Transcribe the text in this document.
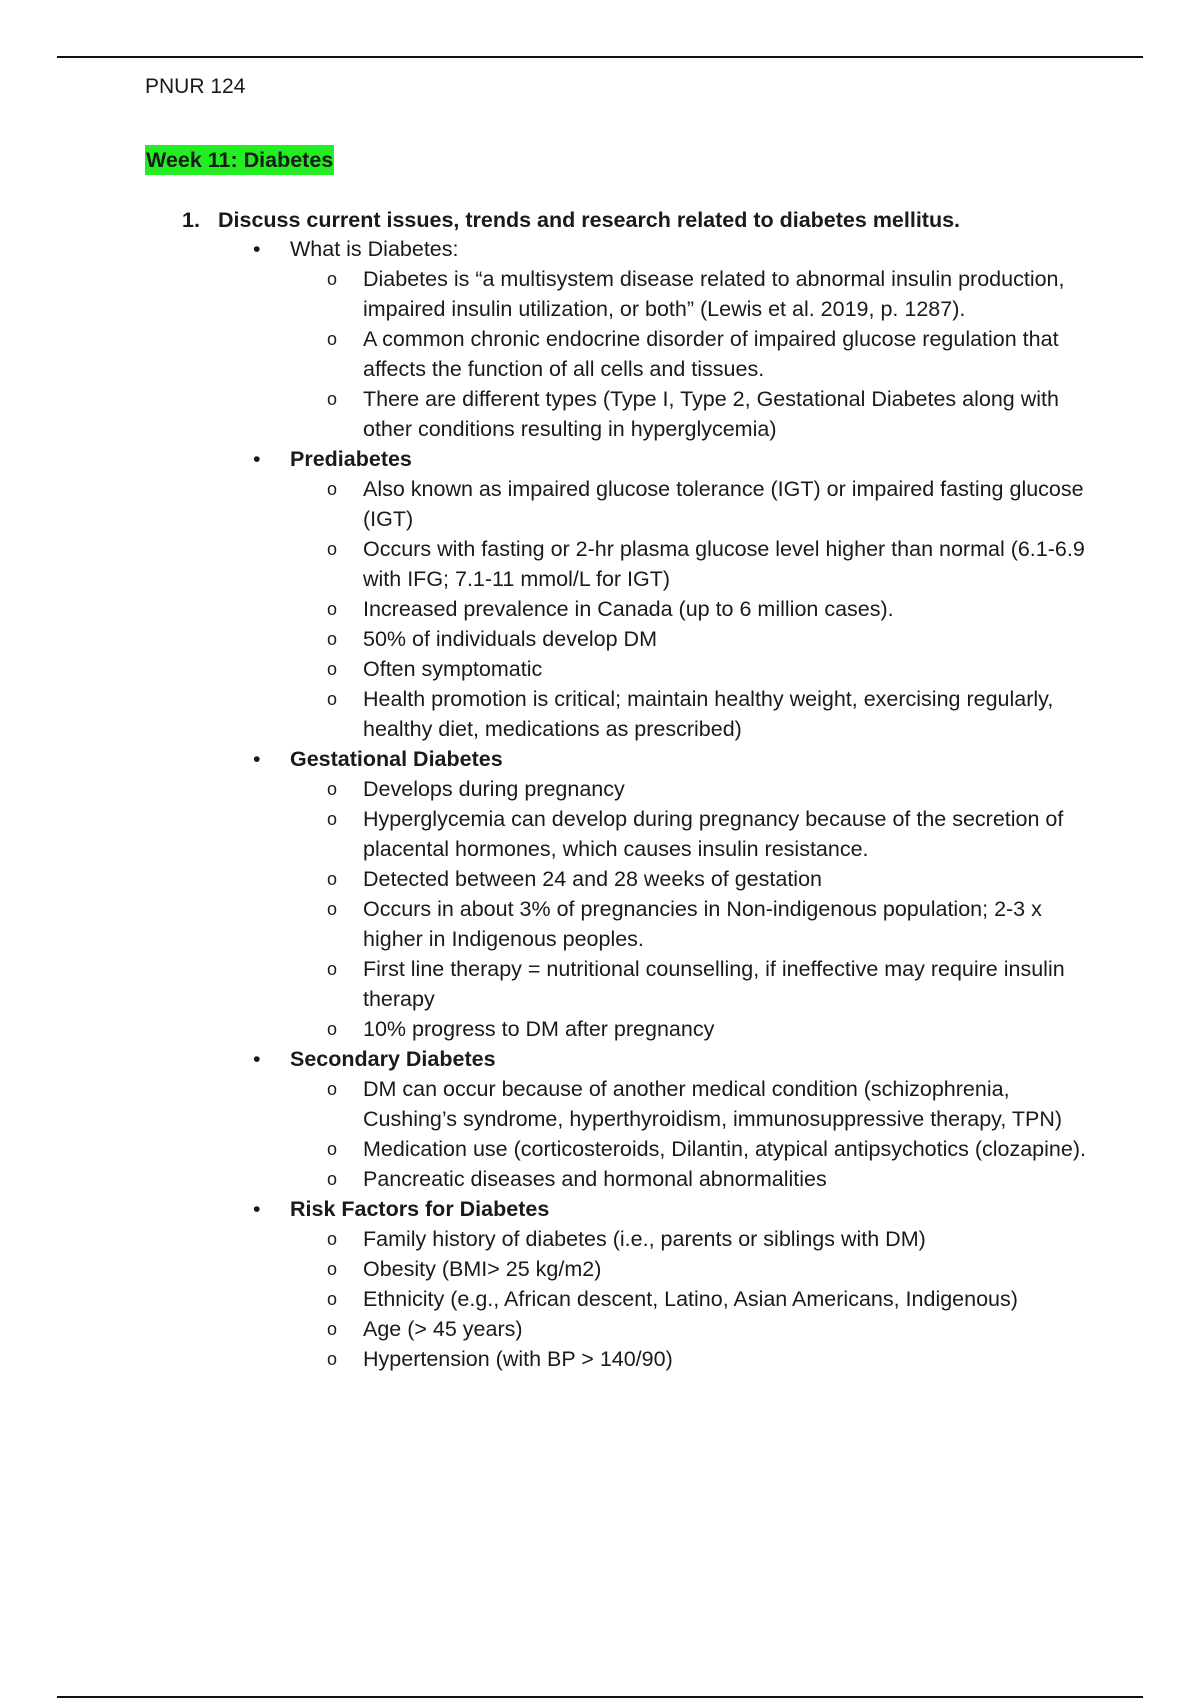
PNUR 124
Week 11: Diabetes
1. Discuss current issues, trends and research related to diabetes mellitus.
• What is Diabetes:
o Diabetes is “a multisystem disease related to abnormal insulin production, impaired insulin utilization, or both” (Lewis et al. 2019, p. 1287).
o A common chronic endocrine disorder of impaired glucose regulation that affects the function of all cells and tissues.
o There are different types (Type I, Type 2, Gestational Diabetes along with other conditions resulting in hyperglycemia)
• Prediabetes
o Also known as impaired glucose tolerance (IGT) or impaired fasting glucose (IGT)
o Occurs with fasting or 2-hr plasma glucose level higher than normal (6.1-6.9 with IFG; 7.1-11 mmol/L for IGT)
o Increased prevalence in Canada (up to 6 million cases).
o 50% of individuals develop DM
o Often symptomatic
o Health promotion is critical; maintain healthy weight, exercising regularly, healthy diet, medications as prescribed)
• Gestational Diabetes
o Develops during pregnancy
o Hyperglycemia can develop during pregnancy because of the secretion of placental hormones, which causes insulin resistance.
o Detected between 24 and 28 weeks of gestation
o Occurs in about 3% of pregnancies in Non-indigenous population; 2-3 x higher in Indigenous peoples.
o First line therapy = nutritional counselling, if ineffective may require insulin therapy
o 10% progress to DM after pregnancy
• Secondary Diabetes
o DM can occur because of another medical condition (schizophrenia, Cushing’s syndrome, hyperthyroidism, immunosuppressive therapy, TPN)
o Medication use (corticosteroids, Dilantin, atypical antipsychotics (clozapine).
o Pancreatic diseases and hormonal abnormalities
• Risk Factors for Diabetes
o Family history of diabetes (i.e., parents or siblings with DM)
o Obesity (BMI> 25 kg/m2)
o Ethnicity (e.g., African descent, Latino, Asian Americans, Indigenous)
o Age (> 45 years)
o Hypertension (with BP > 140/90)
